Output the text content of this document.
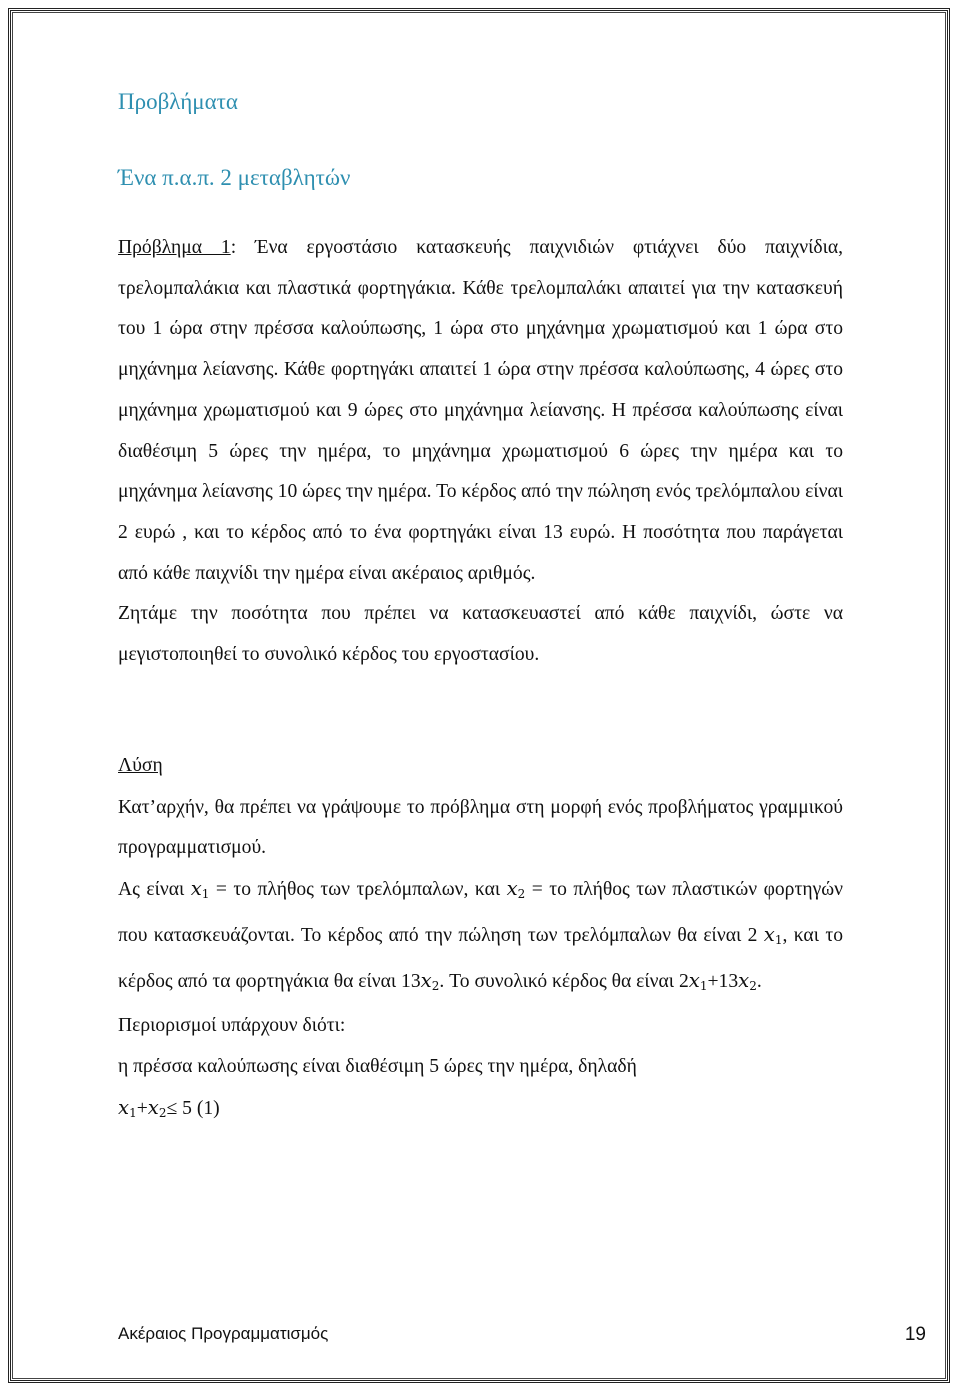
Προβλήματα
Ένα π.α.π. 2 μεταβλητών

Πρόβλημα 1: Ένα εργοστάσιο κατασκευής παιχνιδιών φτιάχνει δύο παιχνίδια, τρελομπαλάκια και πλαστικά φορτηγάκια. Κάθε τρελομπαλάκι απαιτεί για την κατασκευή του 1 ώρα στην πρέσσα καλούπωσης, 1 ώρα στο μηχάνημα χρωματισμού και 1 ώρα στο μηχάνημα λείανσης. Κάθε φορτηγάκι απαιτεί 1 ώρα στην πρέσσα καλούπωσης, 4 ώρες στο μηχάνημα χρωματισμού και 9 ώρες στο μηχάνημα λείανσης. Η πρέσσα καλούπωσης είναι διαθέσιμη 5 ώρες την ημέρα, το μηχάνημα χρωματισμού 6 ώρες την ημέρα και το μηχάνημα λείανσης 10 ώρες την ημέρα. Το κέρδος από την πώληση ενός τρελόμπαλου είναι 2 ευρώ , και το κέρδος από το ένα φορτηγάκι είναι 13 ευρώ. Η ποσότητα που παράγεται από κάθε παιχνίδι την ημέρα είναι ακέραιος αριθμός.

Ζητάμε την ποσότητα που πρέπει να κατασκευαστεί από κάθε παιχνίδι, ώστε να μεγιστοποιηθεί το συνολικό κέρδος του εργοστασίου.

Λύση

Κατ’αρχήν, θα πρέπει να γράψουμε το πρόβλημα στη μορφή ενός προβλήματος γραμμικού προγραμματισμού.

Ας είναι $x_1 = \tau o$ πλήθος των τρελόμπαλων, και $x_2 = \tau o$ πλήθος των πλαστικών φορτηγών που κατασκευάζονται. Το κέρδος από την πώληση των τρελόμπαλων θα είναι 2 $x_1$, και το κέρδος από τα φορτηγάκια θα είναι $13x_2$. Το συνολικό κέρδος θα είναι $2x_1+13x_2$.

Περιορισμοί υπάρχουν διότι:

η πρέσσα καλούπωσης είναι διαθέσιμη 5 ώρες την ημέρα, δηλαδή

$x_1+x_2\le 5$ (1)

Ακέραιος Προγραμματισμός	19
